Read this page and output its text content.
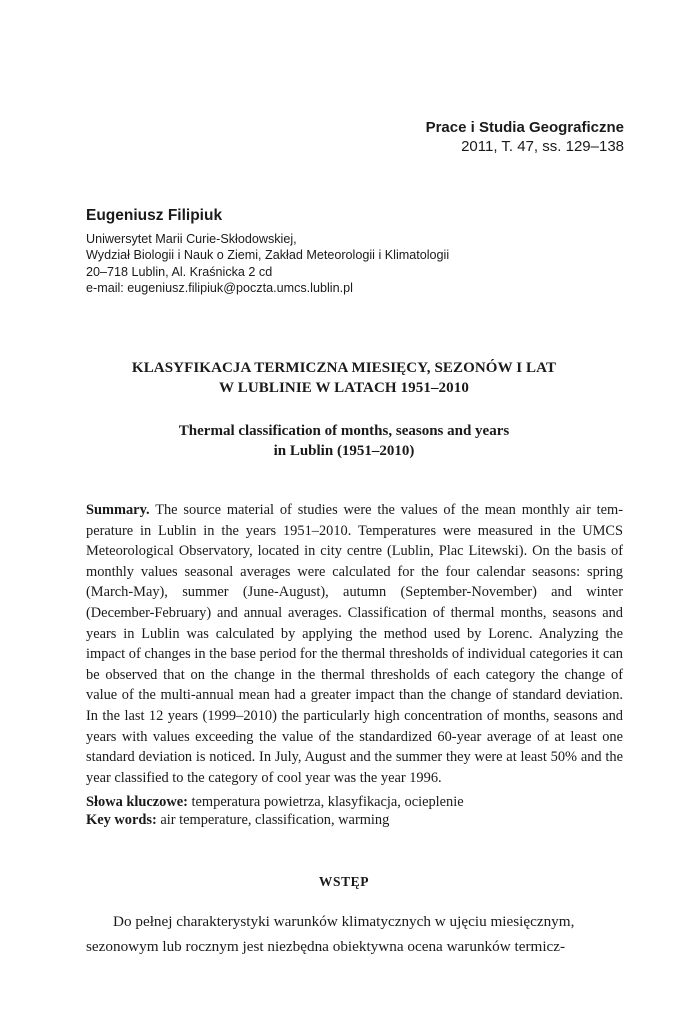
Prace i Studia Geograficzne
2011, T. 47, ss. 129–138
Eugeniusz Filipiuk
Uniwersytet Marii Curie-Skłodowskiej,
Wydział Biologii i Nauk o Ziemi, Zakład Meteorologii i Klimatologii
20–718 Lublin, Al. Kraśnicka 2 cd
e-mail: eugeniusz.filipiuk@poczta.umcs.lublin.pl
KLASYFIKACJA TERMICZNA MIESIĘCY, SEZONÓW I LAT
W LUBLINIE W LATACH 1951–2010
Thermal classification of months, seasons and years
in Lublin (1951–2010)
Summary. The source material of studies were the values of the mean monthly air temperature in Lublin in the years 1951–2010. Temperatures were measured in the UMCS Meteorological Observatory, located in city centre (Lublin, Plac Litewski). On the basis of monthly values seasonal averages were calculated for the four calendar seasons: spring (March-May), summer (June-August), autumn (September-November) and winter (December-February) and annual averages. Classification of thermal months, seasons and years in Lublin was calculated by applying the method used by Lorenc. Analyzing the impact of changes in the base period for the thermal thresholds of individual categories it can be observed that on the change in the thermal thresholds of each category the change of value of the multi-annual mean had a greater impact than the change of standard deviation. In the last 12 years (1999–2010) the particularly high concentration of months, seasons and years with values exceeding the value of the standardized 60-year average of at least one standard deviation is noticed. In July, August and the summer they were at least 50% and the year classified to the category of cool year was the year 1996.
Słowa kluczowe: temperatura powietrza, klasyfikacja, ocieplenie
Key words: air temperature, classification, warming
WSTĘP
Do pełnej charakterystyki warunków klimatycznych w ujęciu miesięcznym,
sezonowym lub rocznym jest niezbędna obiektywna ocena warunków termicz-
